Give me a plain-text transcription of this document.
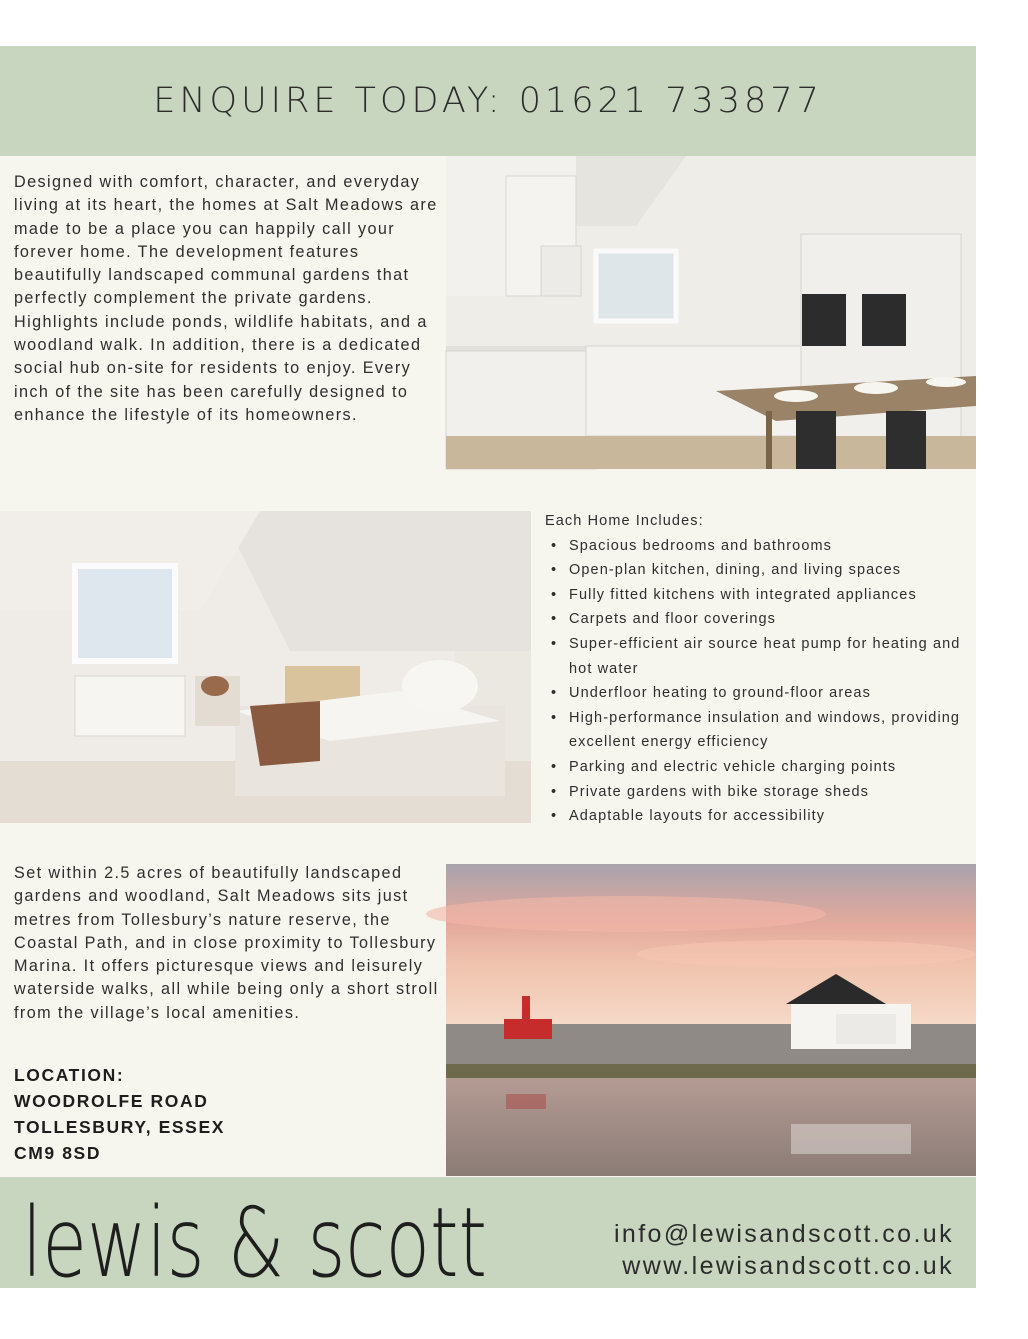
ENQUIRE TODAY: 01621 733877

Designed with comfort, character, and everyday living at its heart, the homes at Salt Meadows are made to be a place you can happily call your forever home. The development features beautifully landscaped communal gardens that perfectly complement the private gardens. Highlights include ponds, wildlife habitats, and a woodland walk. In addition, there is a dedicated social hub on-site for residents to enjoy. Every inch of the site has been carefully designed to enhance the lifestyle of its homeowners.

Each Home Includes:
• Spacious bedrooms and bathrooms
• Open-plan kitchen, dining, and living spaces
• Fully fitted kitchens with integrated appliances
• Carpets and floor coverings
• Super-efficient air source heat pump for heating and hot water
• Underfloor heating to ground-floor areas
• High-performance insulation and windows, providing excellent energy efficiency
• Parking and electric vehicle charging points
• Private gardens with bike storage sheds
• Adaptable layouts for accessibility

Set within 2.5 acres of beautifully landscaped gardens and woodland, Salt Meadows sits just metres from Tollesbury’s nature reserve, the Coastal Path, and in close proximity to Tollesbury Marina. It offers picturesque views and leisurely waterside walks, all while being only a short stroll from the village’s local amenities.

LOCATION:
WOODROLFE ROAD
TOLLESBURY, ESSEX
CM9 8SD
lewis & scott	info@lewisandscott.co.uk
www.lewisandscott.co.uk
